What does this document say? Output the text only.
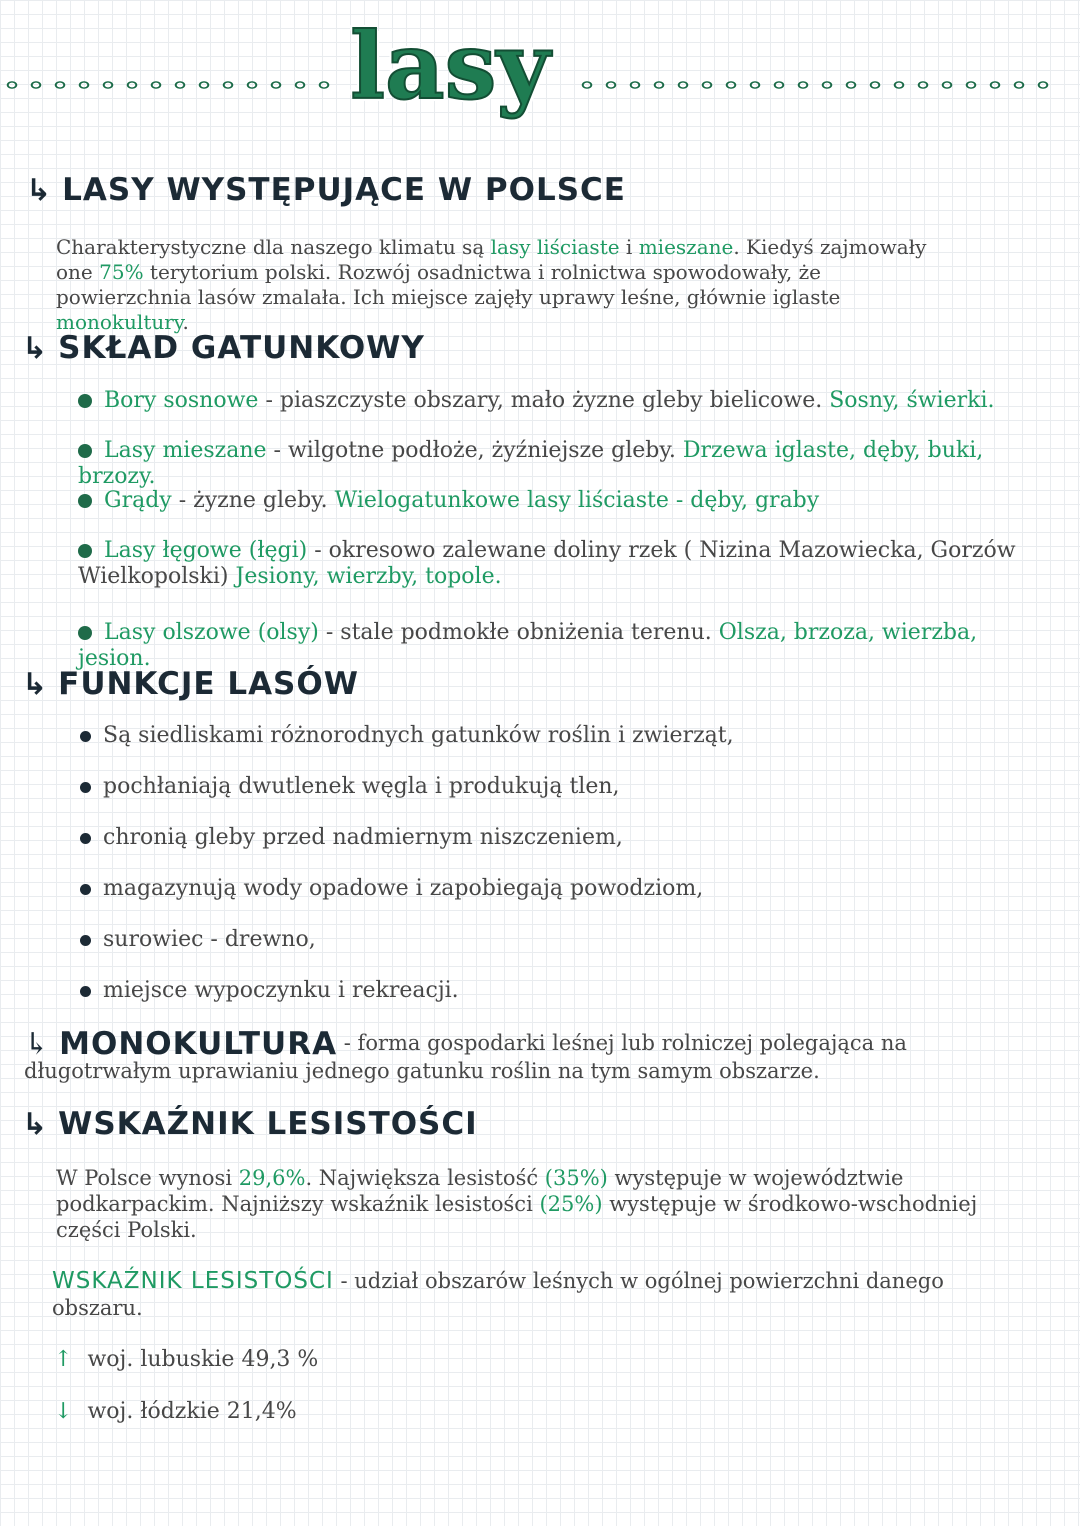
lasy
↳ LASY WYSTĘPUJĄCE W POLSCE
Charakterystyczne dla naszego klimatu są lasy liściaste i mieszane. Kiedyś zajmowały one 75% terytorium polski. Rozwój osadnictwa i rolnictwa spowodowały, że powierzchnia lasów zmalała. Ich miejsce zajęły uprawy leśne, głównie iglaste monokultury.
↳ SKŁAD GATUNKOWY
Bory sosnowe - piaszczyste obszary, mało żyzne gleby bielicowe. Sosny, świerki.
Lasy mieszane - wilgotne podłoże, żyźniejsze gleby. Drzewa iglaste, dęby, buki, brzozy.
Grądy - żyzne gleby. Wielogatunkowe lasy liściaste - dęby, graby
Lasy łęgowe (łęgi) - okresowo zalewane doliny rzek ( Nizina Mazowiecka, Gorzów Wielkopolski) Jesiony, wierzby, topole.
Lasy olszowe (olsy) - stale podmokłe obniżenia terenu. Olsza, brzoza, wierzba, jesion.
↳ FUNKCJE LASÓW
Są siedliskami różnorodnych gatunków roślin i zwierząt,
pochłaniają dwutlenek węgla i produkują tlen,
chronią gleby przed nadmiernym niszczeniem,
magazynują wody opadowe i zapobiegają powodziom,
surowiec - drewno,
miejsce wypoczynku i rekreacji.
↳ MONOKULTURA - forma gospodarki leśnej lub rolniczej polegająca na długotrwałym uprawianiu jednego gatunku roślin na tym samym obszarze.
↳ WSKAŹNIK LESISTOŚCI
W Polsce wynosi 29,6%. Największa lesistość (35%) występuje w województwie podkarpackim. Najniższy wskaźnik lesistości (25%) występuje w środkowo-wschodniej części Polski.
WSKAŹNIK LESISTOŚCI - udział obszarów leśnych w ogólnej powierzchni danego obszaru.
↑ woj. lubuskie 49,3 %
↓ woj. łódzkie 21,4%
